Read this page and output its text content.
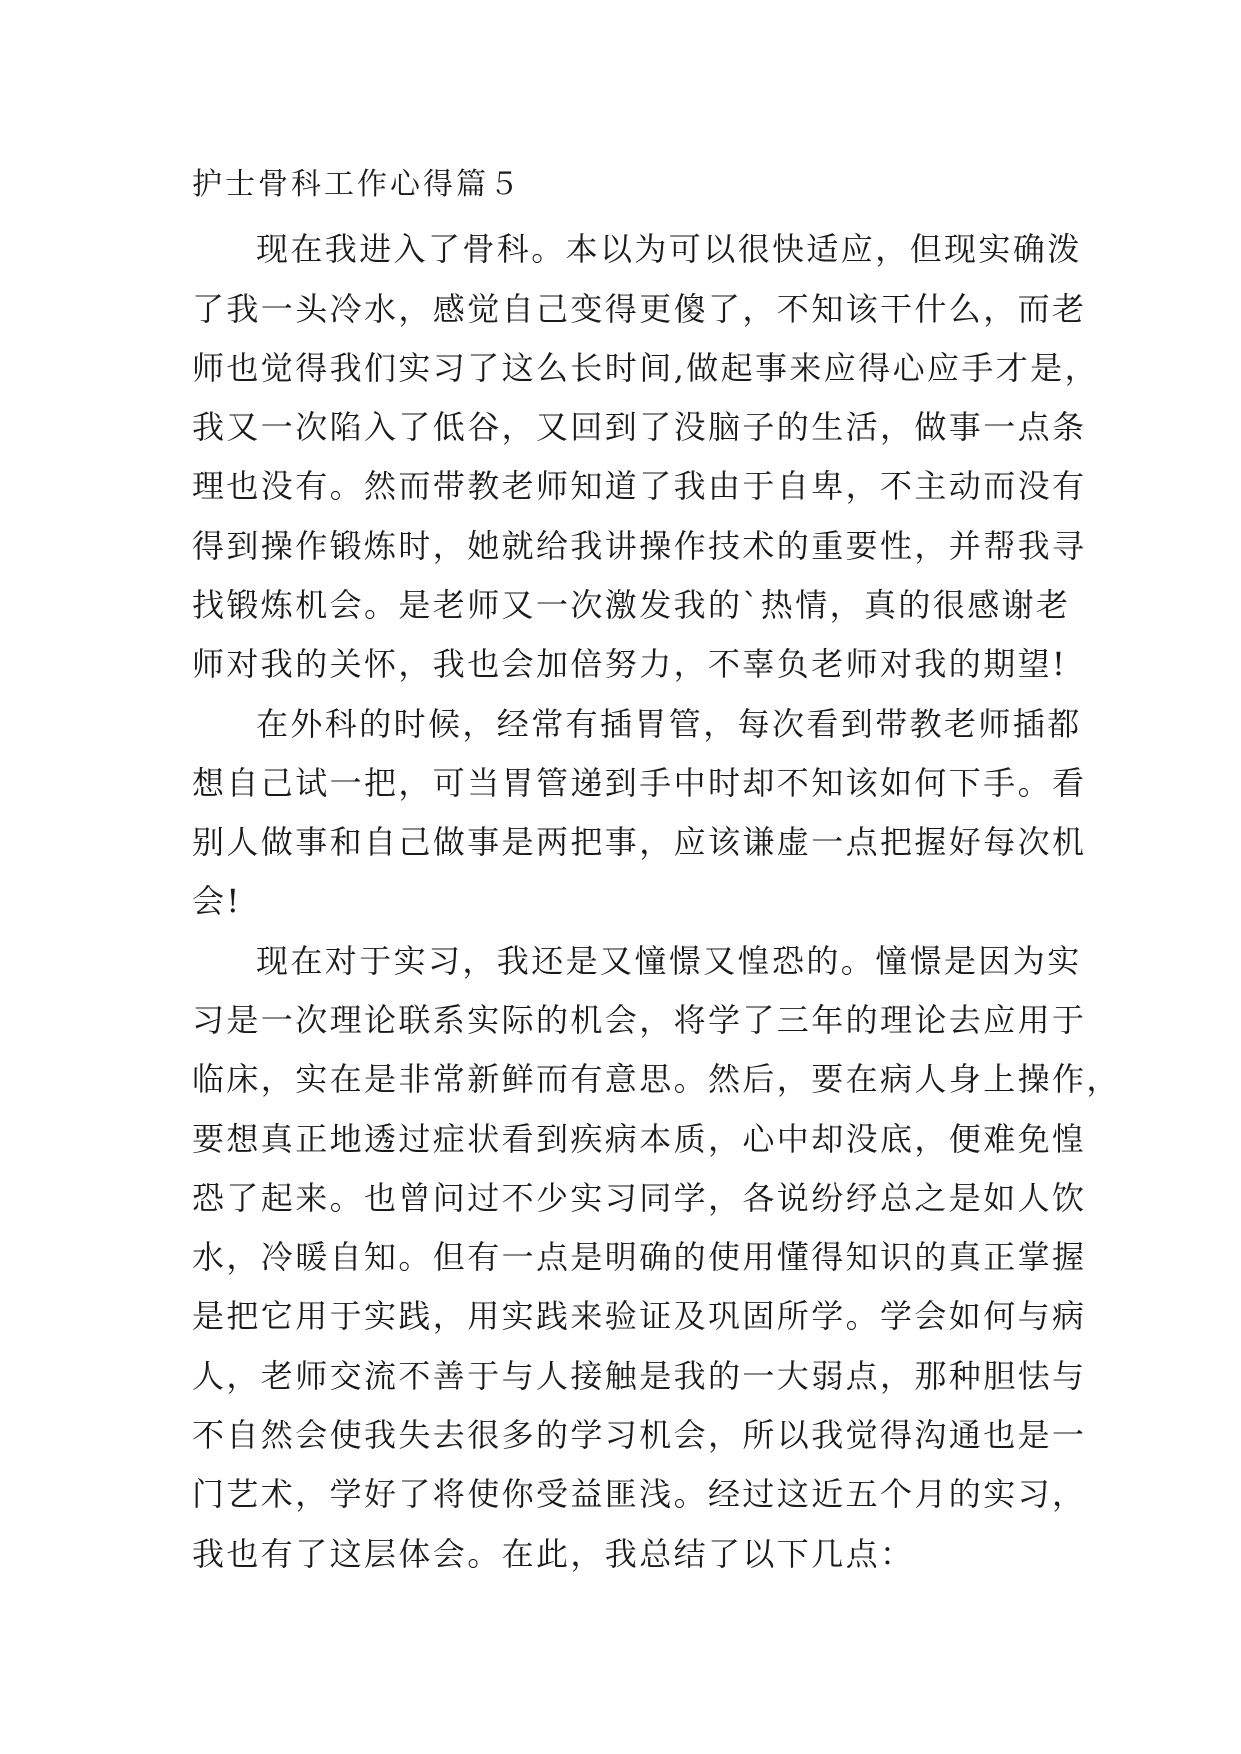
护士骨科工作心得篇５
现在我进入了骨科。本以为可以很快适应，但现实确泼
了我一头冷水，感觉自己变得更傻了，不知该干什么，而老
师也觉得我们实习了这么长时间,做起事来应得心应手才是，
我又一次陷入了低谷，又回到了没脑子的生活，做事一点条
理也没有。然而带教老师知道了我由于自卑，不主动而没有
得到操作锻炼时，她就给我讲操作技术的重要性，并帮我寻
找锻炼机会。是老师又一次激发我的`热情，真的很感谢老
师对我的关怀，我也会加倍努力，不辜负老师对我的期望!
在外科的时候，经常有插胃管，每次看到带教老师插都
想自己试一把，可当胃管递到手中时却不知该如何下手。看
别人做事和自己做事是两把事，应该谦虚一点把握好每次机
会!
现在对于实习，我还是又憧憬又惶恐的。憧憬是因为实
习是一次理论联系实际的机会，将学了三年的理论去应用于
临床，实在是非常新鲜而有意思。然后，要在病人身上操作，
要想真正地透过症状看到疾病本质，心中却没底，便难免惶
恐了起来。也曾问过不少实习同学，各说纷纾总之是如人饮
水，冷暖自知。但有一点是明确的使用懂得知识的真正掌握
是把它用于实践，用实践来验证及巩固所学。学会如何与病
人，老师交流不善于与人接触是我的一大弱点，那种胆怯与
不自然会使我失去很多的学习机会，所以我觉得沟通也是一
门艺术，学好了将使你受益匪浅。经过这近五个月的实习，
我也有了这层体会。在此，我总结了以下几点：
